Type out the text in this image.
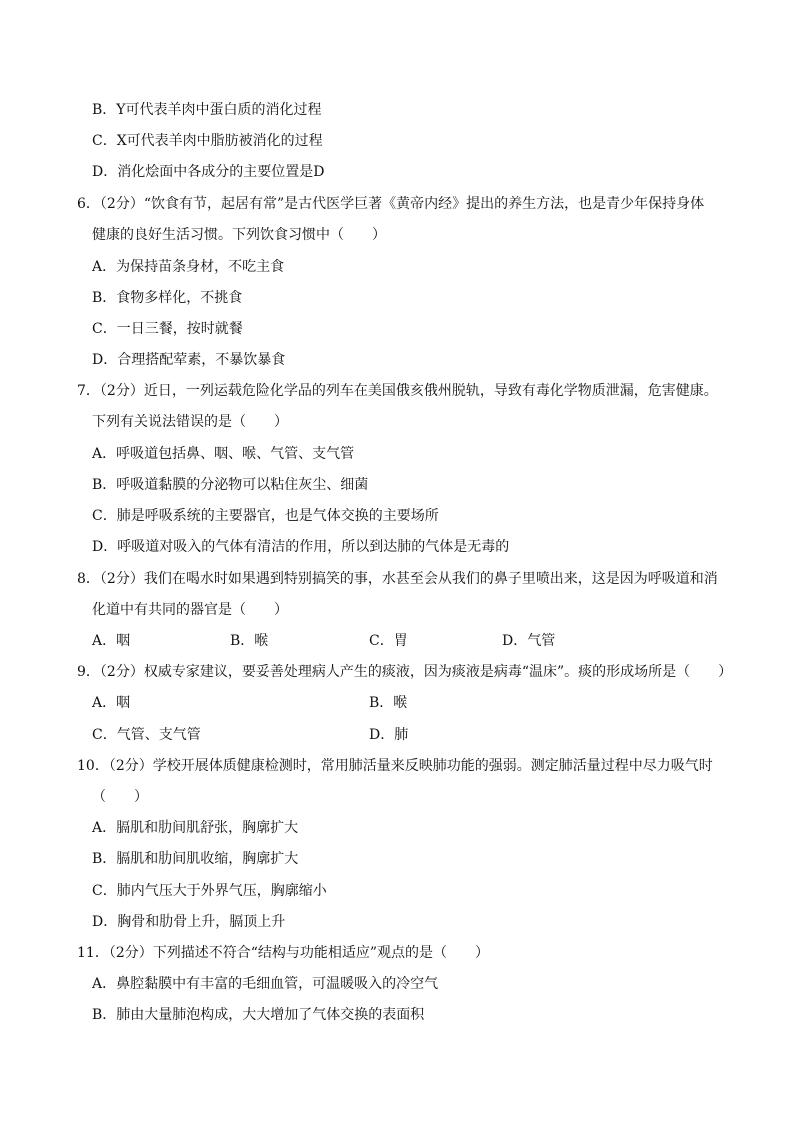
B．Y可代表羊肉中蛋白质的消化过程
C．X可代表羊肉中脂肪被消化的过程
D．消化烩面中各成分的主要位置是D
6．（2分）“饮食有节，起居有常”是古代医学巨著《黄帝内经》提出的养生方法，也是青少年保持身体
健康的良好生活习惯。下列饮食习惯中（　　）
A．为保持苗条身材，不吃主食
B．食物多样化，不挑食
C．一日三餐，按时就餐
D．合理搭配荤素，不暴饮暴食
7．（2分）近日，一列运载危险化学品的列车在美国俄亥俄州脱轨，导致有毒化学物质泄漏，危害健康。
下列有关说法错误的是（　　）
A．呼吸道包括鼻、咽、喉、气管、支气管
B．呼吸道黏膜的分泌物可以粘住灰尘、细菌
C．肺是呼吸系统的主要器官，也是气体交换的主要场所
D．呼吸道对吸入的气体有清洁的作用，所以到达肺的气体是无毒的
8．（2分）我们在喝水时如果遇到特别搞笑的事，水甚至会从我们的鼻子里喷出来，这是因为呼吸道和消
化道中有共同的器官是（　　）
A．咽	B．喉	C．胃	D．气管
9．（2分）权威专家建议，要妥善处理病人产生的痰液，因为痰液是病毒“温床”。痰的形成场所是（　　）
A．咽	B．喉
C．气管、支气管	D．肺
10．（2分）学校开展体质健康检测时，常用肺活量来反映肺功能的强弱。测定肺活量过程中尽力吸气时
（　　）
A．膈肌和肋间肌舒张，胸廓扩大
B．膈肌和肋间肌收缩，胸廓扩大
C．肺内气压大于外界气压，胸廓缩小
D．胸骨和肋骨上升，膈顶上升
11．（2分）下列描述不符合“结构与功能相适应”观点的是（　　）
A．鼻腔黏膜中有丰富的毛细血管，可温暖吸入的冷空气
B．肺由大量肺泡构成，大大增加了气体交换的表面积
